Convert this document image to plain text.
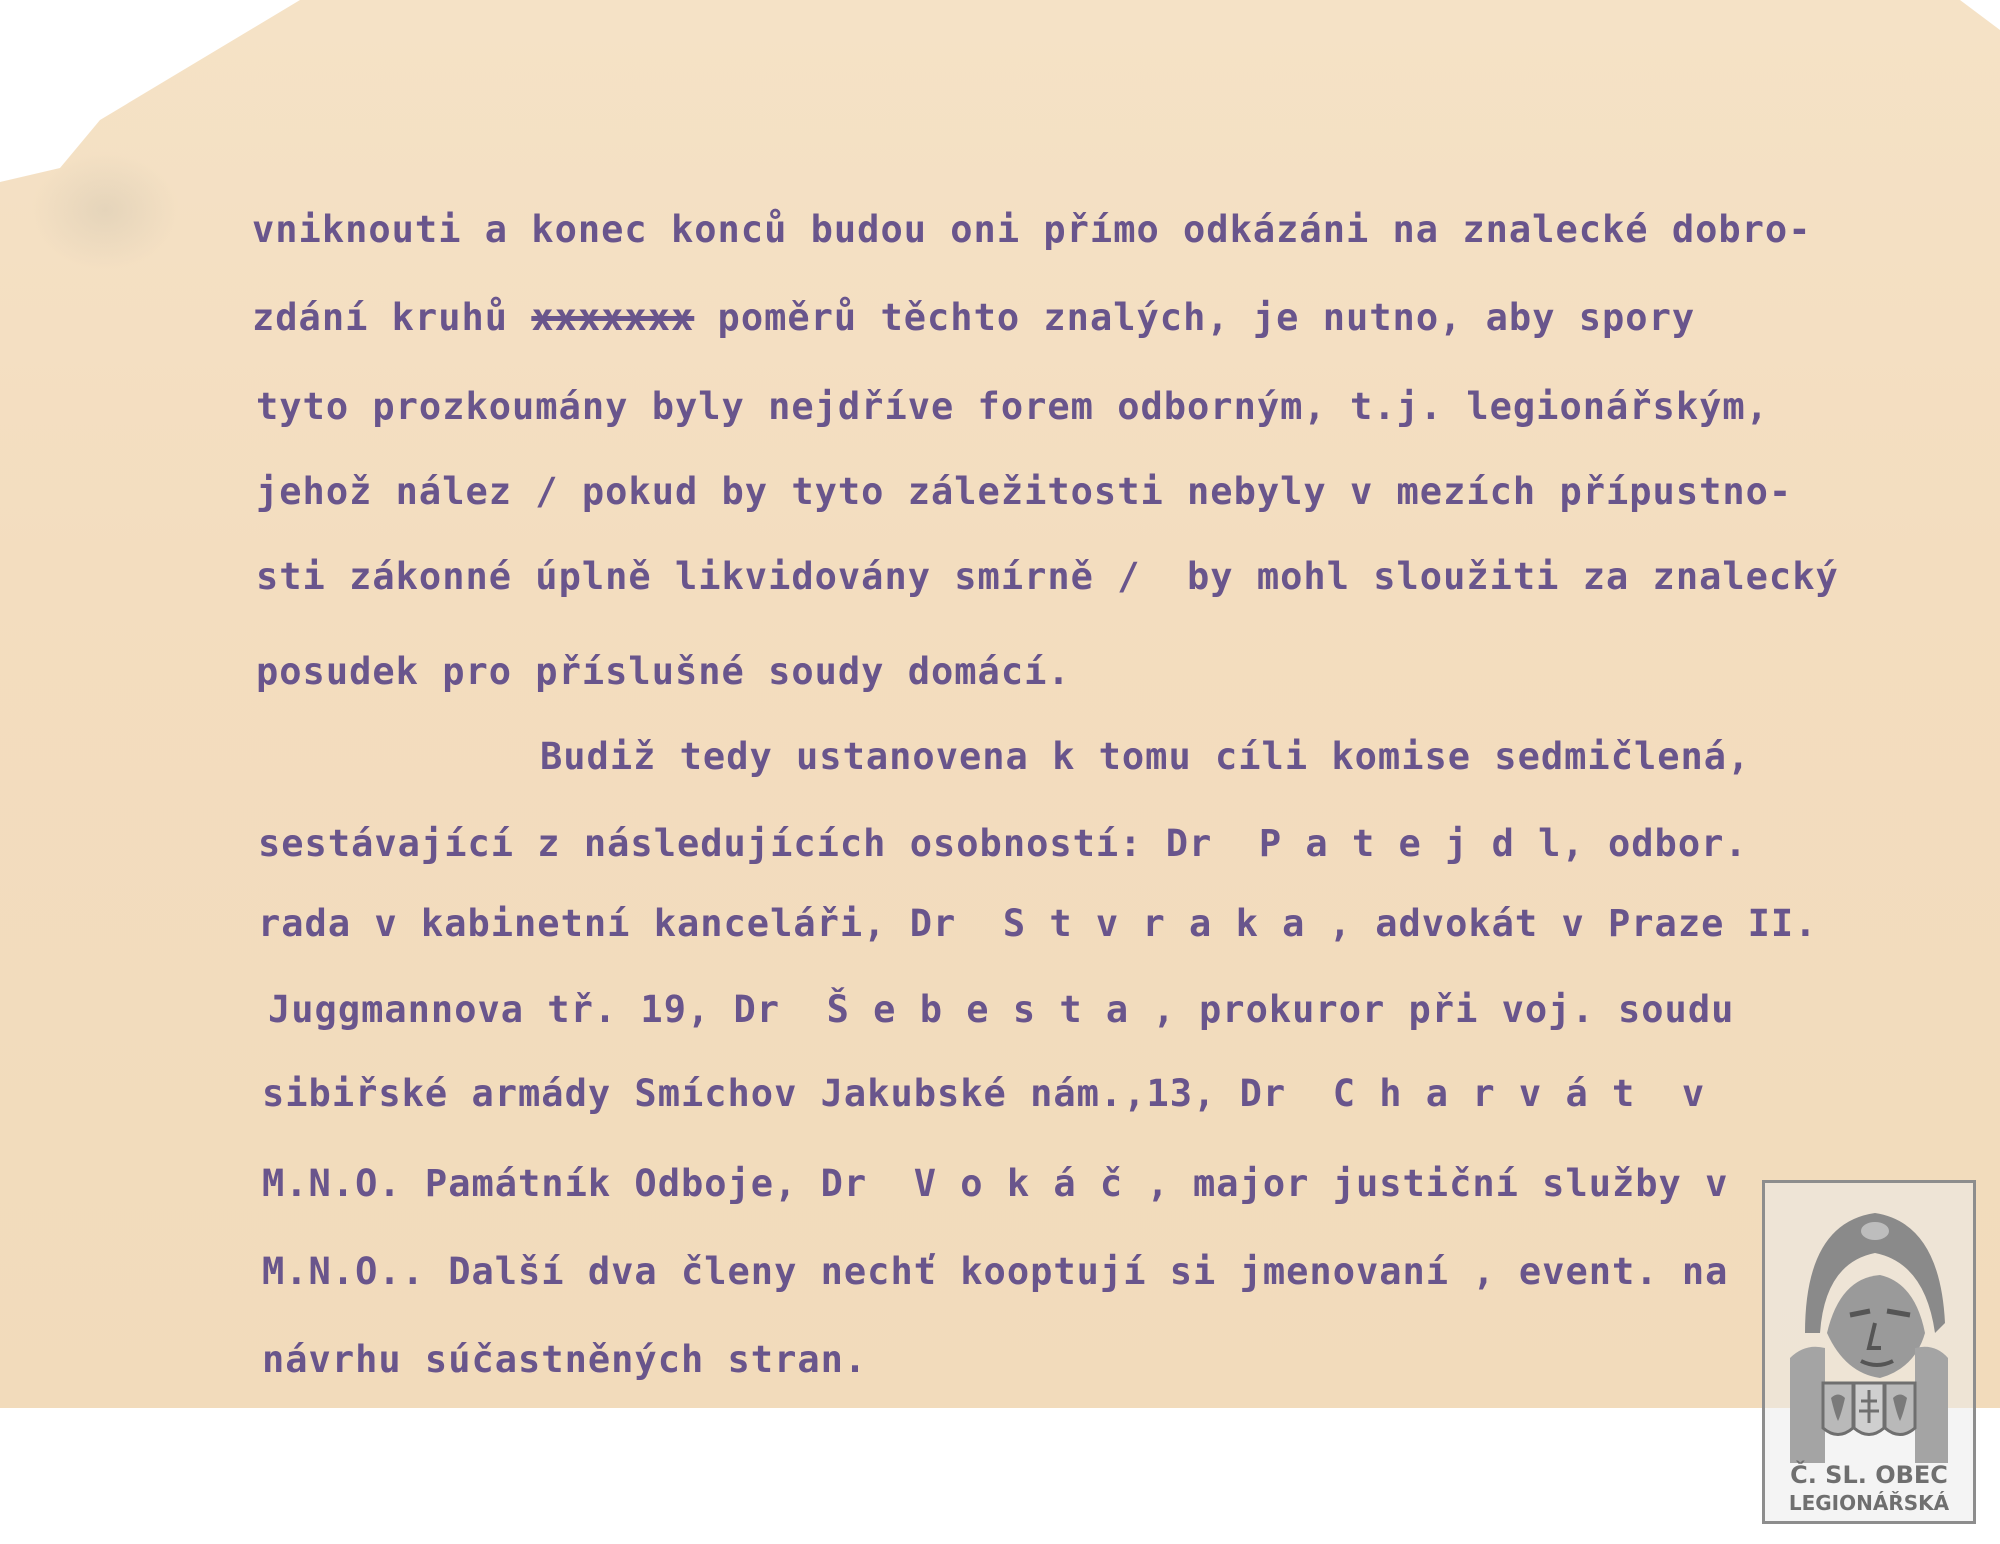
vniknouti a konec konců budou oni přímo odkázáni na znalecké dobro-
zdání kruhů xxxxxxx poměrů těchto znalých, je nutno, aby spory
tyto prozkoumány byly nejdříve forem odborným, t.j. legionářským,
jehož nález / pokud by tyto záležitosti nebyly v mezích přípustno-
sti zákonné úplně likvidovány smírně /  by mohl sloužiti za znalecký
posudek pro příslušné soudy domácí.
Budiž tedy ustanovena k tomu cíli komise sedmičlená,
sestávající z následujících osobností: Dr  P a t e j d l, odbor.
rada v kabinetní kanceláři, Dr  S t v r a k a , advokát v Praze II.
Juggmannova tř. 19, Dr  Š e b e s t a , prokuror při voj. soudu
sibiřské armády Smíchov Jakubské nám.,13, Dr  C h a r v á t  v
M.N.O. Památník Odboje, Dr  V o k á č , major justiční služby v
M.N.O.. Další dva členy nechť kooptují si jmenovaní , event. na
návrhu súčastněných stran.
Č. SL. OBEC
LEGIONÁŘSKÁ
